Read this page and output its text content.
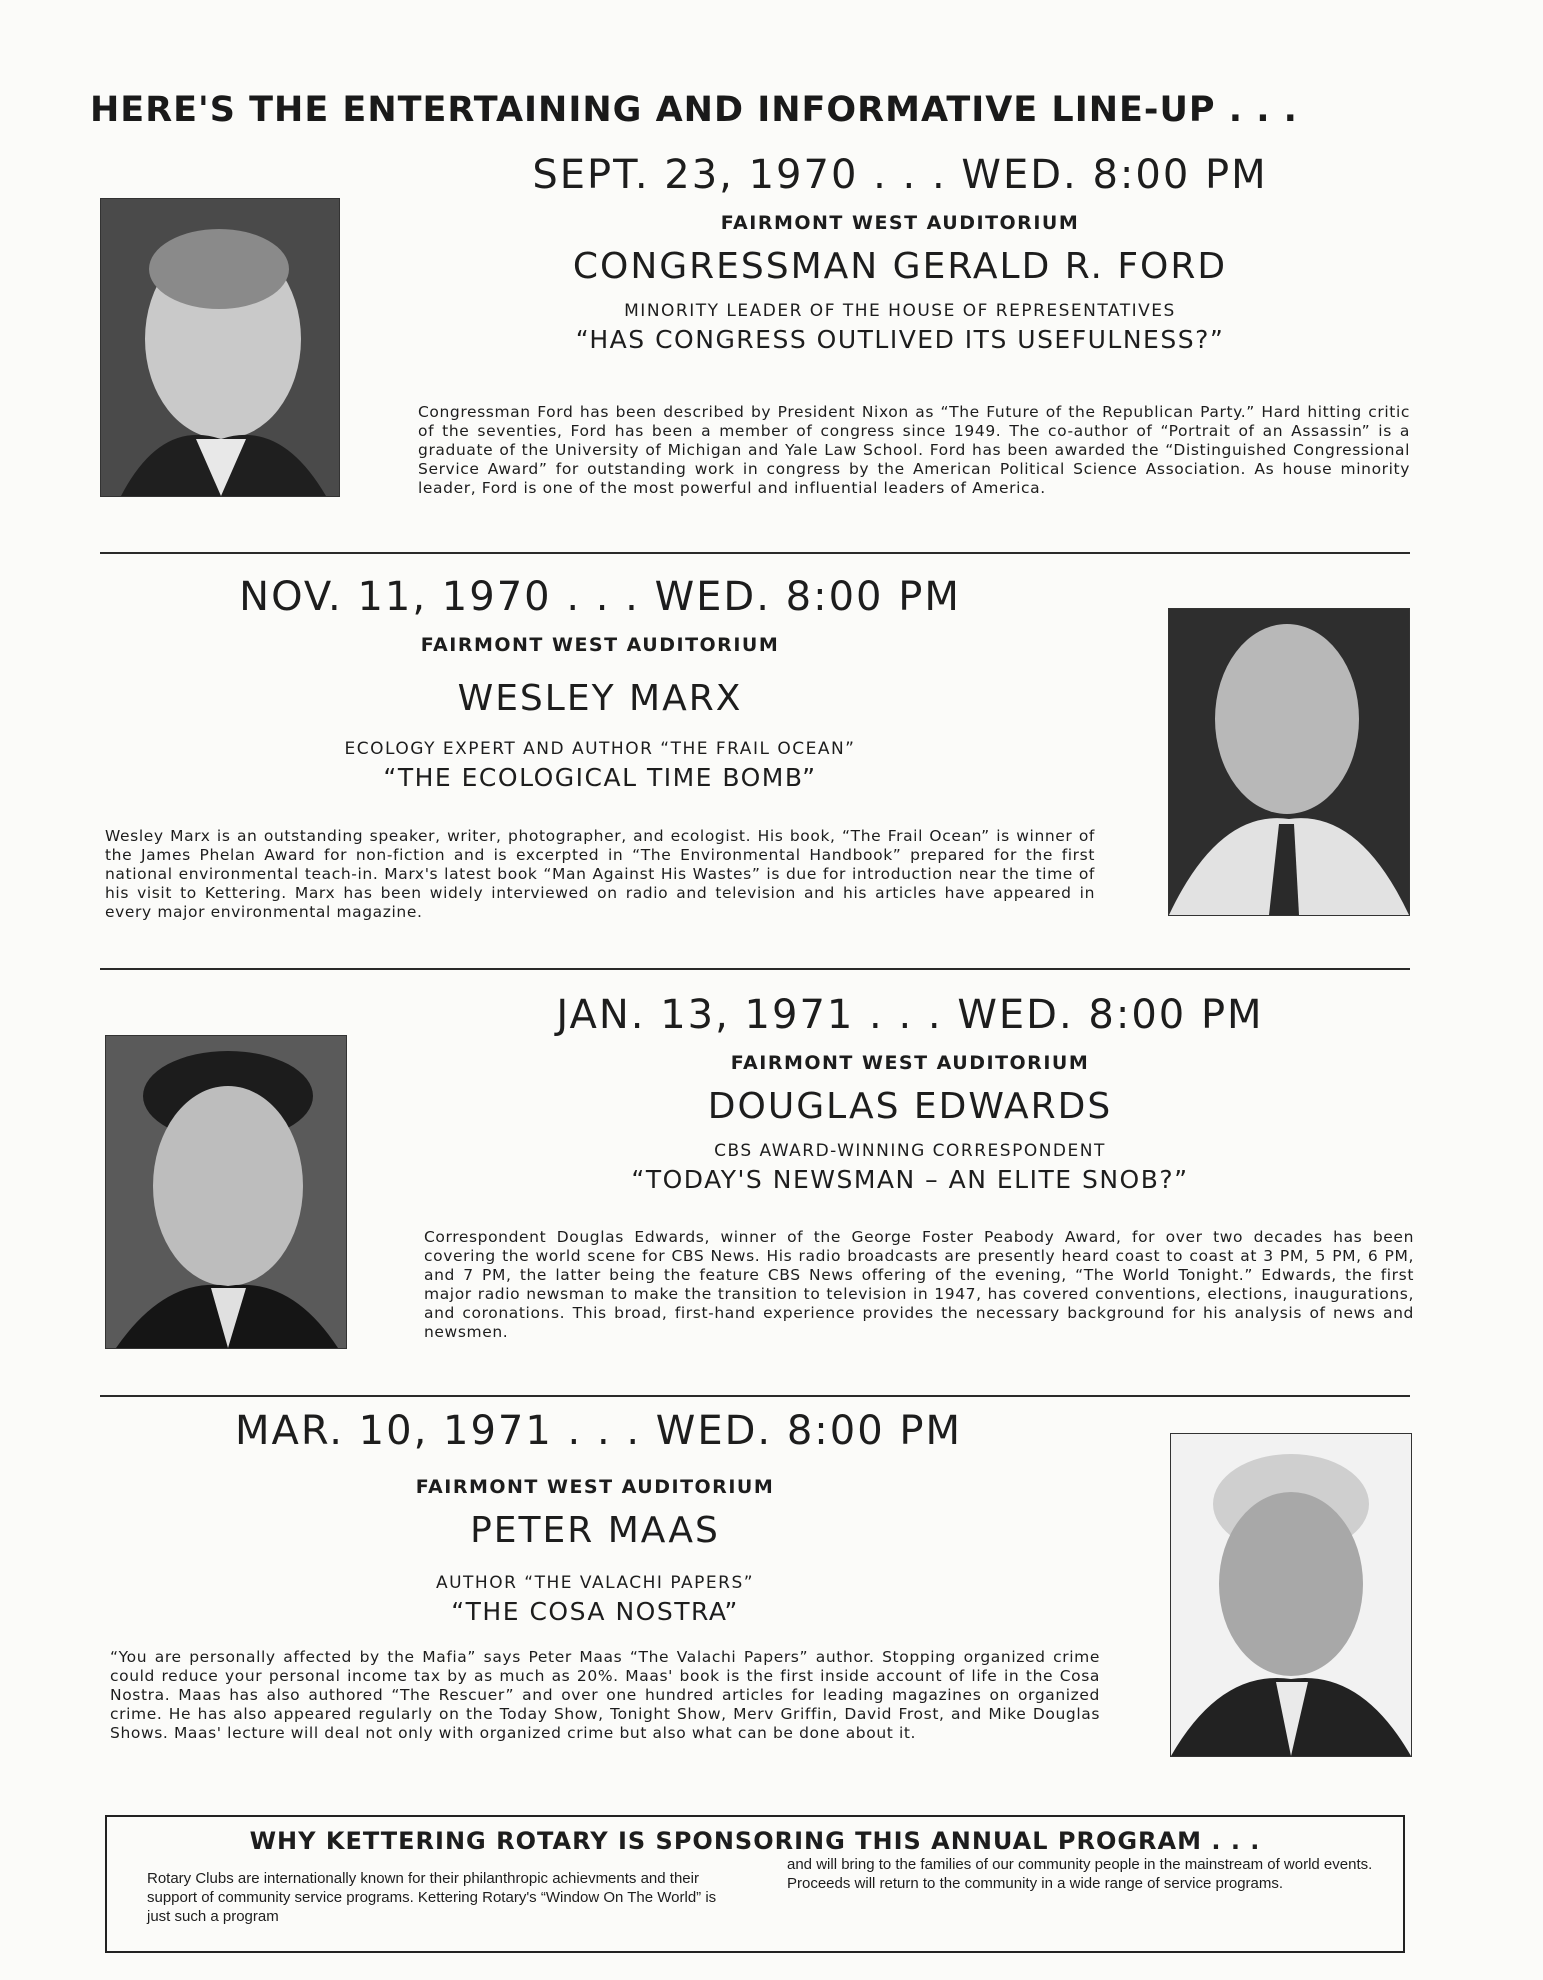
HERE'S THE ENTERTAINING AND INFORMATIVE LINE-UP . . .
SEPT. 23, 1970 . . . WED. 8:00 PM
FAIRMONT WEST AUDITORIUM
CONGRESSMAN GERALD R. FORD
MINORITY LEADER OF THE HOUSE OF REPRESENTATIVES
“HAS CONGRESS OUTLIVED ITS USEFULNESS?”
Congressman Ford has been described by President Nixon as “The Future of the Republican Party.” Hard hitting critic of the seventies, Ford has been a member of congress since 1949. The co-author of “Portrait of an Assassin” is a graduate of the University of Michigan and Yale Law School. Ford has been awarded the “Distinguished Congressional Service Award” for outstanding work in congress by the American Political Science Association. As house minority leader, Ford is one of the most powerful and influential leaders of America.
NOV. 11, 1970 . . . WED. 8:00 PM
FAIRMONT WEST AUDITORIUM
WESLEY MARX
ECOLOGY EXPERT AND AUTHOR “THE FRAIL OCEAN”
“THE ECOLOGICAL TIME BOMB”
Wesley Marx is an outstanding speaker, writer, photographer, and ecologist. His book, “The Frail Ocean” is winner of the James Phelan Award for non-fiction and is excerpted in “The Environmental Handbook” prepared for the first national environmental teach-in. Marx's latest book “Man Against His Wastes” is due for introduction near the time of his visit to Kettering. Marx has been widely interviewed on radio and television and his articles have appeared in every major environmental magazine.
JAN. 13, 1971 . . . WED. 8:00 PM
FAIRMONT WEST AUDITORIUM
DOUGLAS EDWARDS
CBS AWARD-WINNING CORRESPONDENT
“TODAY'S NEWSMAN – AN ELITE SNOB?”
Correspondent Douglas Edwards, winner of the George Foster Peabody Award, for over two decades has been covering the world scene for CBS News. His radio broadcasts are presently heard coast to coast at 3 PM, 5 PM, 6 PM, and 7 PM, the latter being the feature CBS News offering of the evening, “The World Tonight.” Edwards, the first major radio newsman to make the transition to television in 1947, has covered conventions, elections, inaugurations, and coronations. This broad, first-hand experience provides the necessary background for his analysis of news and newsmen.
MAR. 10, 1971 . . . WED. 8:00 PM
FAIRMONT WEST AUDITORIUM
PETER MAAS
AUTHOR “THE VALACHI PAPERS”
“THE COSA NOSTRA”
“You are personally affected by the Mafia” says Peter Maas “The Valachi Papers” author. Stopping organized crime could reduce your personal income tax by as much as 20%. Maas' book is the first inside account of life in the Cosa Nostra. Maas has also authored “The Rescuer” and over one hundred articles for leading magazines on organized crime. He has also appeared regularly on the Today Show, Tonight Show, Merv Griffin, David Frost, and Mike Douglas Shows. Maas' lecture will deal not only with organized crime but also what can be done about it.
WHY KETTERING ROTARY IS SPONSORING THIS ANNUAL PROGRAM . . .
Rotary Clubs are internationally known for their philanthropic achievments and their support of community service programs. Kettering Rotary's “Window On The World” is just such a program
and will bring to the families of our community people in the mainstream of world events. Proceeds will return to the community in a wide range of service programs.
